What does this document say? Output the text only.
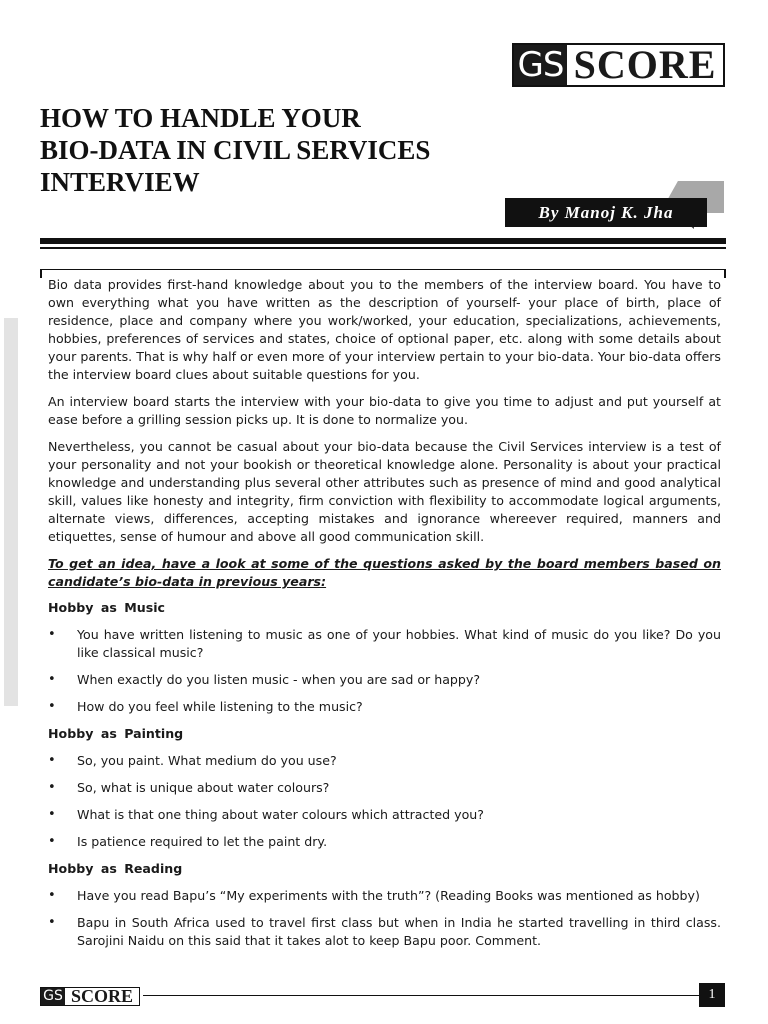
GS SCORE
HOW TO HANDLE YOUR
BIO-DATA IN CIVIL SERVICES
INTERVIEW
By Manoj K. Jha

Bio data provides first-hand knowledge about you to the members of the interview board. You have to own everything what you have written as the description of yourself- your place of birth, place of residence, place and company where you work/worked, your education, specializations, achievements, hobbies, preferences of services and states, choice of optional paper, etc. along with some details about your parents. That is why half or even more of your interview pertain to your bio-data. Your bio-data offers the interview board clues about suitable questions for you.

An interview board starts the interview with your bio-data to give you time to adjust and put yourself at ease before a grilling session picks up. It is done to normalize you.

Nevertheless, you cannot be casual about your bio-data because the Civil Services interview is a test of your personality and not your bookish or theoretical knowledge alone. Personality is about your practical knowledge and understanding plus several other attributes such as presence of mind and good analytical skill, values like honesty and integrity, firm conviction with flexibility to accommodate logical arguments, alternate views, differences, accepting mistakes and ignorance whereever required, manners and etiquettes, sense of humour and above all good communication skill.

To get an idea, have a look at some of the questions asked by the board members based on candidate’s bio-data in previous years:

Hobby as Music
• You have written listening to music as one of your hobbies. What kind of music do you like? Do you like classical music?
• When exactly do you listen music - when you are sad or happy?
• How do you feel while listening to the music?
Hobby as Painting
• So, you paint. What medium do you use?
• So, what is unique about water colours?
• What is that one thing about water colours which attracted you?
• Is patience required to let the paint dry.
Hobby as Reading
• Have you read Bapu’s “My experiments with the truth”? (Reading Books was mentioned as hobby)
• Bapu in South Africa used to travel first class but when in India he started travelling in third class. Sarojini Naidu on this said that it takes alot to keep Bapu poor. Comment.
GS SCORE	1
